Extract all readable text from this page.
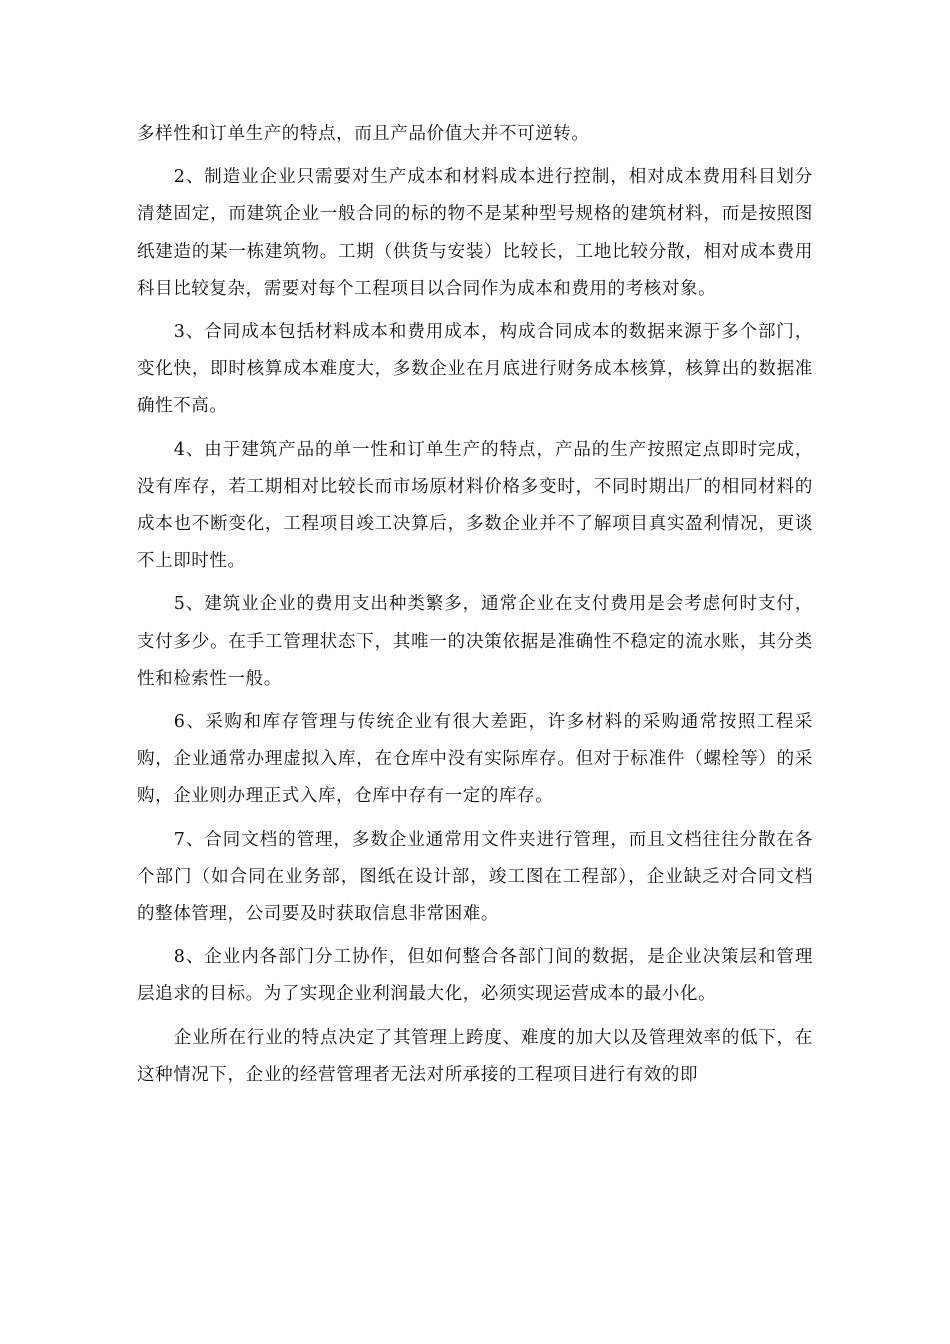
多样性和订单生产的特点，而且产品价值大并不可逆转。

2、制造业企业只需要对生产成本和材料成本进行控制，相对成本费用科目划分清楚固定，而建筑企业一般合同的标的物不是某种型号规格的建筑材料，而是按照图纸建造的某一栋建筑物。工期（供货与安装）比较长，工地比较分散，相对成本费用科目比较复杂，需要对每个工程项目以合同作为成本和费用的考核对象。

3、合同成本包括材料成本和费用成本，构成合同成本的数据来源于多个部门，变化快，即时核算成本难度大，多数企业在月底进行财务成本核算，核算出的数据准确性不高。

4、由于建筑产品的单一性和订单生产的特点，产品的生产按照定点即时完成，没有库存，若工期相对比较长而市场原材料价格多变时，不同时期出厂的相同材料的成本也不断变化，工程项目竣工决算后，多数企业并不了解项目真实盈利情况，更谈不上即时性。

5、建筑业企业的费用支出种类繁多，通常企业在支付费用是会考虑何时支付，支付多少。在手工管理状态下，其唯一的决策依据是准确性不稳定的流水账，其分类性和检索性一般。

6、采购和库存管理与传统企业有很大差距，许多材料的采购通常按照工程采购，企业通常办理虚拟入库，在仓库中没有实际库存。但对于标准件（螺栓等）的采购，企业则办理正式入库，仓库中存有一定的库存。

7、合同文档的管理，多数企业通常用文件夹进行管理，而且文档往往分散在各个部门（如合同在业务部，图纸在设计部，竣工图在工程部），企业缺乏对合同文档的整体管理，公司要及时获取信息非常困难。

8、企业内各部门分工协作，但如何整合各部门间的数据，是企业决策层和管理层追求的目标。为了实现企业利润最大化，必须实现运营成本的最小化。

企业所在行业的特点决定了其管理上跨度、难度的加大以及管理效率的低下，在这种情况下，企业的经营管理者无法对所承接的工程项目进行有效的即
